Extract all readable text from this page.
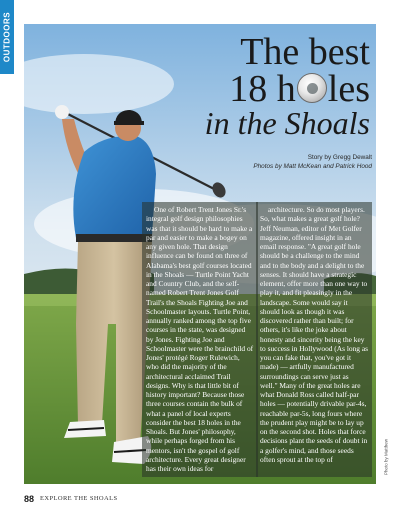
OUTDOORS	The best
18 h les
in the Shoals
Story by Gregg Dewalt
Photos by Matt McKean and Patrick Hood

One of Robert Trent Jones Sr.'s integral golf design philosophies was that it should be hard to make a par and easier to make a bogey on any given hole. That design influence can be found on three of Alabama's best golf courses located in the Shoals — Turtle Point Yacht and Country Club, and the self-named Robert Trent Jones Golf Trail's the Shoals Fighting Joe and Schoolmaster layouts. Turtle Point, annually ranked among the top five courses in the state, was designed by Jones. Fighting Joe and Schoolmaster were the brainchild of Jones' protégé Roger Rulewich, who did the majority of the architectural acclaimed Trail designs. Why is that little bit of history important? Because those three courses contain the bulk of what a panel of local experts consider the best 18 holes in the Shoals. But Jones' philosophy, while perhaps forged from his mentors, isn't the gospel of golf architecture. Every great designer has their own ideas for

architecture. So do most players. So, what makes a great golf hole? Jeff Neuman, editor of Met Golfer magazine, offered insight in an email response. "A great golf hole should be a challenge to the mind and to the body and a delight to the senses. It should have a strategic element, offer more than one way to play it, and fit pleasingly in the landscape. Some would say it should look as though it was discovered rather than built; for others, it's like the joke about honesty and sincerity being the key to success in Hollywood (As long as you can fake that, you've got it made) — artfully manufactured surroundings can serve just as well." Many of the great holes are what Donald Ross called half-par holes — potentially drivable par-4s, reachable par-5s, long fours where the prudent play might be to lay up on the second shot. Holes that force decisions plant the seeds of doubt in a golfer's mind, and those seeds often sprout at the top of

88 EXPLORE THE SHOALS
Photo by Matthew
